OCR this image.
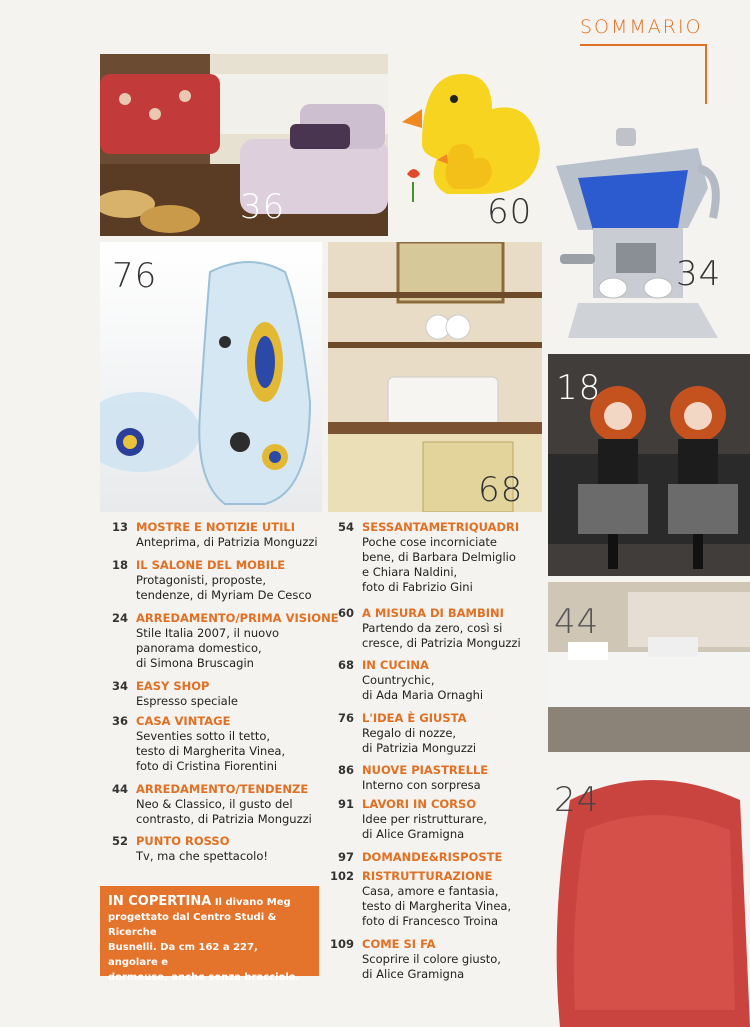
SOMMARIO
36	60
34
76
68
18
44
24
13 MOSTRE E NOTIZIE UTILI
Anteprima, di Patrizia Monguzzi
18 IL SALONE DEL MOBILE
Protagonisti, proposte,
tendenze, di Myriam De Cesco
24 ARREDAMENTO/PRIMA VISIONE
Stile Italia 2007, il nuovo
panorama domestico,
di Simona Bruscagin
34 EASY SHOP
Espresso speciale
36 CASA VINTAGE
Seventies sotto il tetto,
testo di Margherita Vinea,
foto di Cristina Fiorentini
44 ARREDAMENTO/TENDENZE
Neo & Classico, il gusto del
contrasto, di Patrizia Monguzzi
52 PUNTO ROSSO
Tv, ma che spettacolo!
54 SESSANTAMETRIQUADRI
Poche cose incorniciate
bene, di Barbara Delmiglio
e Chiara Naldini,
foto di Fabrizio Gini
60 A MISURA DI BAMBINI
Partendo da zero, così si
cresce, di Patrizia Monguzzi
68 IN CUCINA
Countrychic,
di Ada Maria Ornaghi
76 L'IDEA È GIUSTA
Regalo di nozze,
di Patrizia Monguzzi
86 NUOVE PIASTRELLE
Interno con sorpresa
91 LAVORI IN CORSO
Idee per ristrutturare,
di Alice Gramigna
97 DOMANDE&RISPOSTE
102 RISTRUTTURAZIONE
Casa, amore e fantasia,
testo di Margherita Vinea,
foto di Francesco Troina
109 COME SI FA
Scoprire il colore giusto,
di Alice Gramigna
IN COPERTINA Il divano Meg
progettato dal Centro Studi & Ricerche
Busnelli. Da cm 162 a 227, angolare e
dormeuse, anche senza bracciolo.
